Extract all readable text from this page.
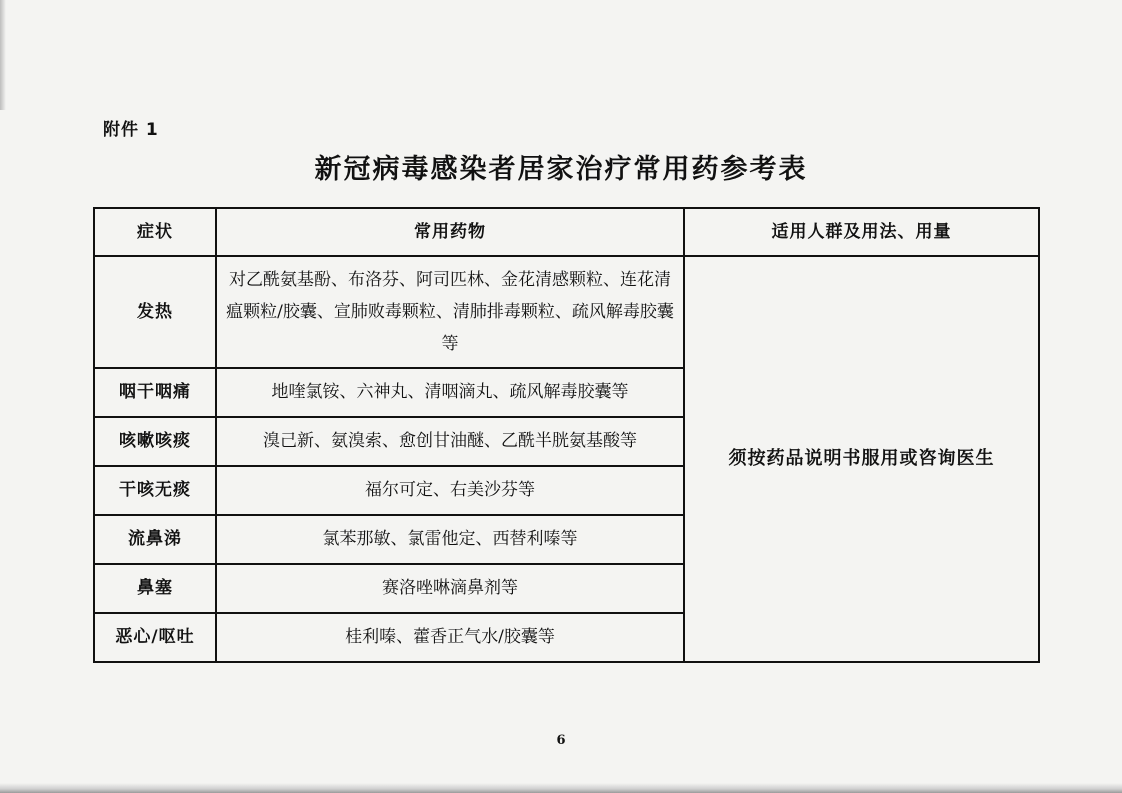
附件 1
新冠病毒感染者居家治疗常用药参考表
症状	常用药物	适用人群及用法、用量
发热	对乙酰氨基酚、布洛芬、阿司匹林、金花清感颗粒、连花清瘟颗粒/胶囊、宣肺败毒颗粒、清肺排毒颗粒、疏风解毒胶囊等	须按药品说明书服用或咨询医生
咽干咽痛	地喹氯铵、六神丸、清咽滴丸、疏风解毒胶囊等	
咳嗽咳痰	溴己新、氨溴索、愈创甘油醚、乙酰半胱氨基酸等	
干咳无痰	福尔可定、右美沙芬等	
流鼻涕	氯苯那敏、氯雷他定、西替利嗪等	
鼻塞	赛洛唑啉滴鼻剂等	
恶心/呕吐	桂利嗪、藿香正气水/胶囊等	
6
